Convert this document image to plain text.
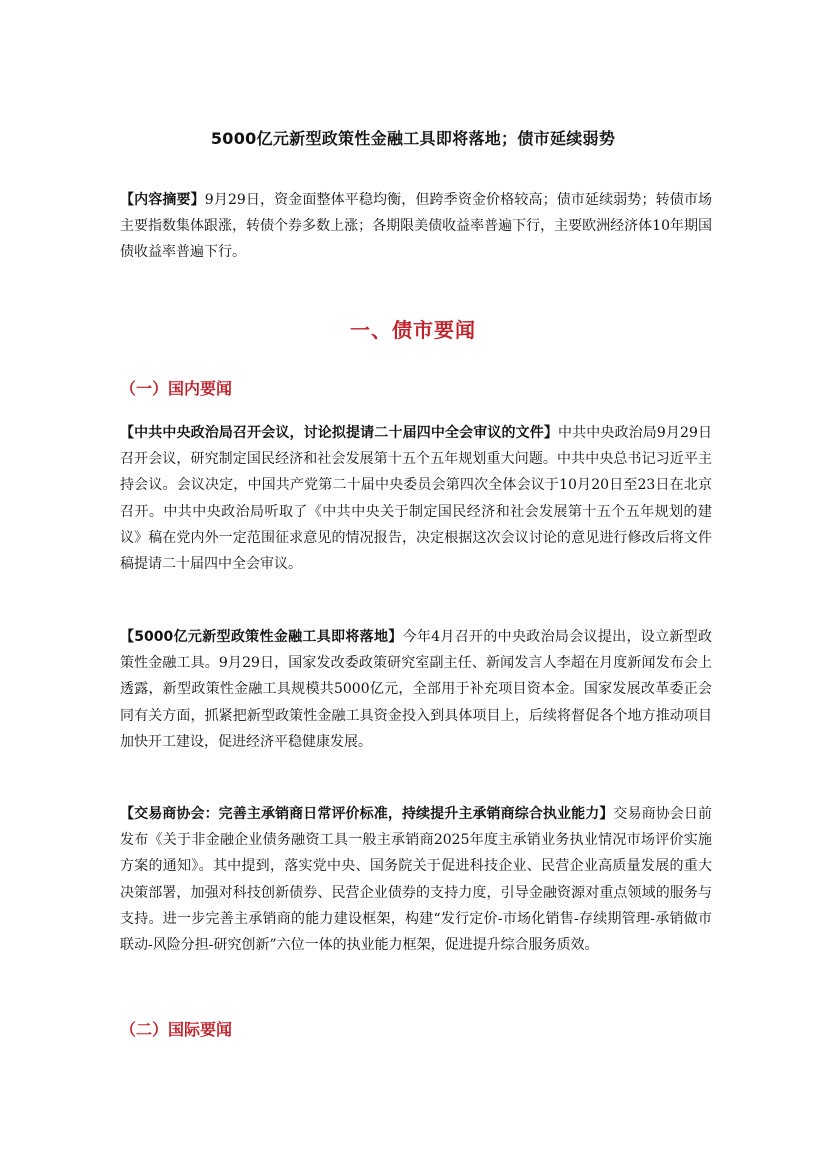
5000亿元新型政策性金融工具即将落地；债市延续弱势
【内容摘要】9月29日，资金面整体平稳均衡，但跨季资金价格较高；债市延续弱势；转债市场主要指数集体跟涨，转债个券多数上涨；各期限美债收益率普遍下行，主要欧洲经济体10年期国债收益率普遍下行。
一、债市要闻
（一）国内要闻
【中共中央政治局召开会议，讨论拟提请二十届四中全会审议的文件】中共中央政治局9月29日召开会议，研究制定国民经济和社会发展第十五个五年规划重大问题。中共中央总书记习近平主持会议。会议决定，中国共产党第二十届中央委员会第四次全体会议于10月20日至23日在北京召开。中共中央政治局听取了《中共中央关于制定国民经济和社会发展第十五个五年规划的建议》稿在党内外一定范围征求意见的情况报告，决定根据这次会议讨论的意见进行修改后将文件稿提请二十届四中全会审议。
【5000亿元新型政策性金融工具即将落地】今年4月召开的中央政治局会议提出，设立新型政策性金融工具。9月29日，国家发改委政策研究室副主任、新闻发言人李超在月度新闻发布会上透露，新型政策性金融工具规模共5000亿元，全部用于补充项目资本金。国家发展改革委正会同有关方面，抓紧把新型政策性金融工具资金投入到具体项目上，后续将督促各个地方推动项目加快开工建设，促进经济平稳健康发展。
【交易商协会：完善主承销商日常评价标准，持续提升主承销商综合执业能力】交易商协会日前发布《关于非金融企业债务融资工具一般主承销商2025年度主承销业务执业情况市场评价实施方案的通知》。其中提到，落实党中央、国务院关于促进科技企业、民营企业高质量发展的重大决策部署，加强对科技创新债券、民营企业债券的支持力度，引导金融资源对重点领域的服务与支持。进一步完善主承销商的能力建设框架，构建“发行定价-市场化销售-存续期管理-承销做市联动-风险分担-研究创新”六位一体的执业能力框架，促进提升综合服务质效。
（二）国际要闻
